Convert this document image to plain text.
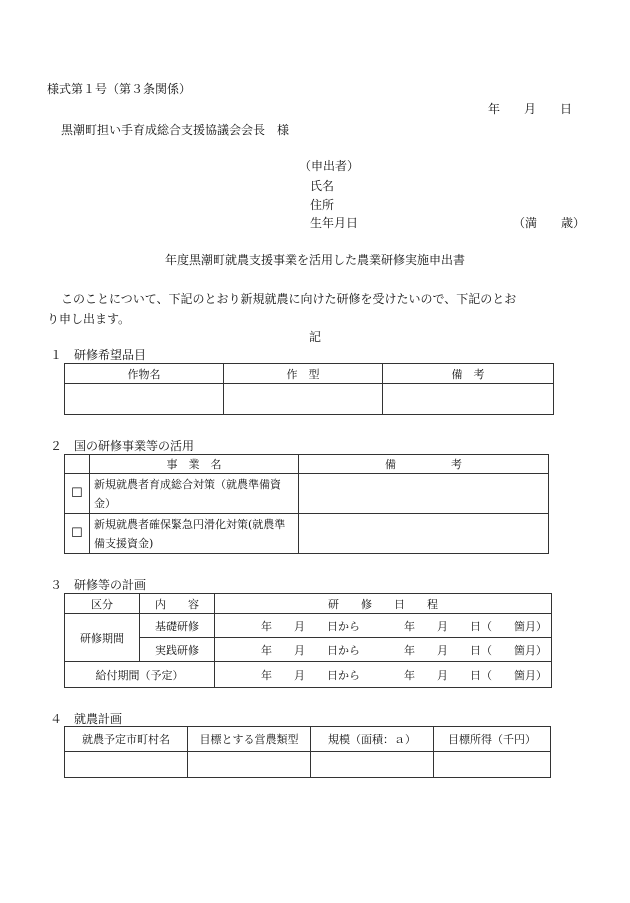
様式第１号（第３条関係）
年　　月　　日
黒潮町担い手育成総合支援協議会会長　様
（申出者）
氏名
住所
生年月日	（満　　歳）
年度黒潮町就農支援事業を活用した農業研修実施申出書
このことについて、下記のとおり新規就農に向けた研修を受けたいので、下記のとお
り申し出ます。
記
１　研修希望品目
作物名	作　型	備　考

２　国の研修事業等の活用
	事　業　名	備　　　　　考
☐	新規就農者育成総合対策（就農準備資金）	
☐	新規就農者確保緊急円滑化対策(就農準備支援資金)	
３　研修等の計画
区分	内　　容	研　　修　　日　　程
研修期間	基礎研修	年　　月　　日から　　　　年　　月　　日（　　箇月）
	実践研修	年　　月　　日から　　　　年　　月　　日（　　箇月）
給付期間（予定）		年　　月　　日から　　　　年　　月　　日（　　箇月）
４　就農計画
就農予定市町村名	目標とする営農類型	規模（面積：ａ）	目標所得（千円）
